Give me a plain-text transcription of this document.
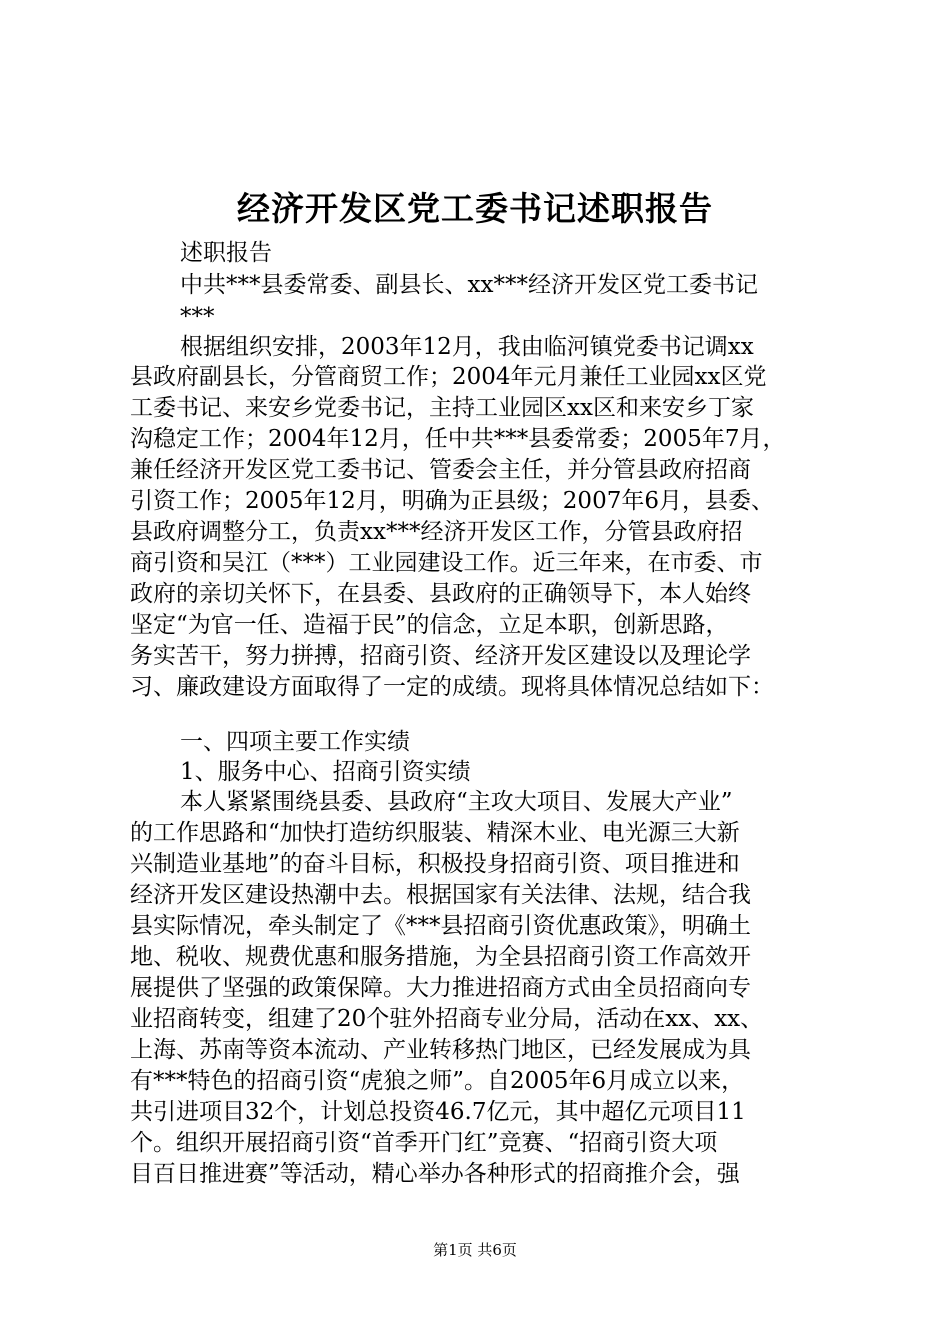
经济开发区党工委书记述职报告
述职报告
中共***县委常委、副县长、xx***经济开发区党工委书记
***
根据组织安排，2003年12月，我由临河镇党委书记调xx
县政府副县长，分管商贸工作；2004年元月兼任工业园xx区党
工委书记、来安乡党委书记，主持工业园区xx区和来安乡丁家
沟稳定工作；2004年12月，任中共***县委常委；2005年7月，
兼任经济开发区党工委书记、管委会主任，并分管县政府招商
引资工作；2005年12月，明确为正县级；2007年6月，县委、
县政府调整分工，负责xx***经济开发区工作，分管县政府招
商引资和吴江（***）工业园建设工作。近三年来，在市委、市
政府的亲切关怀下，在县委、县政府的正确领导下，本人始终
坚定“为官一任、造福于民”的信念，立足本职，创新思路，
务实苦干，努力拼搏，招商引资、经济开发区建设以及理论学
习、廉政建设方面取得了一定的成绩。现将具体情况总结如下：
一、四项主要工作实绩
1、服务中心、招商引资实绩
本人紧紧围绕县委、县政府“主攻大项目、发展大产业”
的工作思路和“加快打造纺织服装、精深木业、电光源三大新
兴制造业基地”的奋斗目标，积极投身招商引资、项目推进和
经济开发区建设热潮中去。根据国家有关法律、法规，结合我
县实际情况，牵头制定了《***县招商引资优惠政策》，明确土
地、税收、规费优惠和服务措施，为全县招商引资工作高效开
展提供了坚强的政策保障。大力推进招商方式由全员招商向专
业招商转变，组建了20个驻外招商专业分局，活动在xx、xx、
上海、苏南等资本流动、产业转移热门地区，已经发展成为具
有***特色的招商引资“虎狼之师”。自2005年6月成立以来，
共引进项目32个，计划总投资46.7亿元，其中超亿元项目11
个。组织开展招商引资“首季开门红”竞赛、“招商引资大项
目百日推进赛”等活动，精心举办各种形式的招商推介会，强
第1页 共6页
